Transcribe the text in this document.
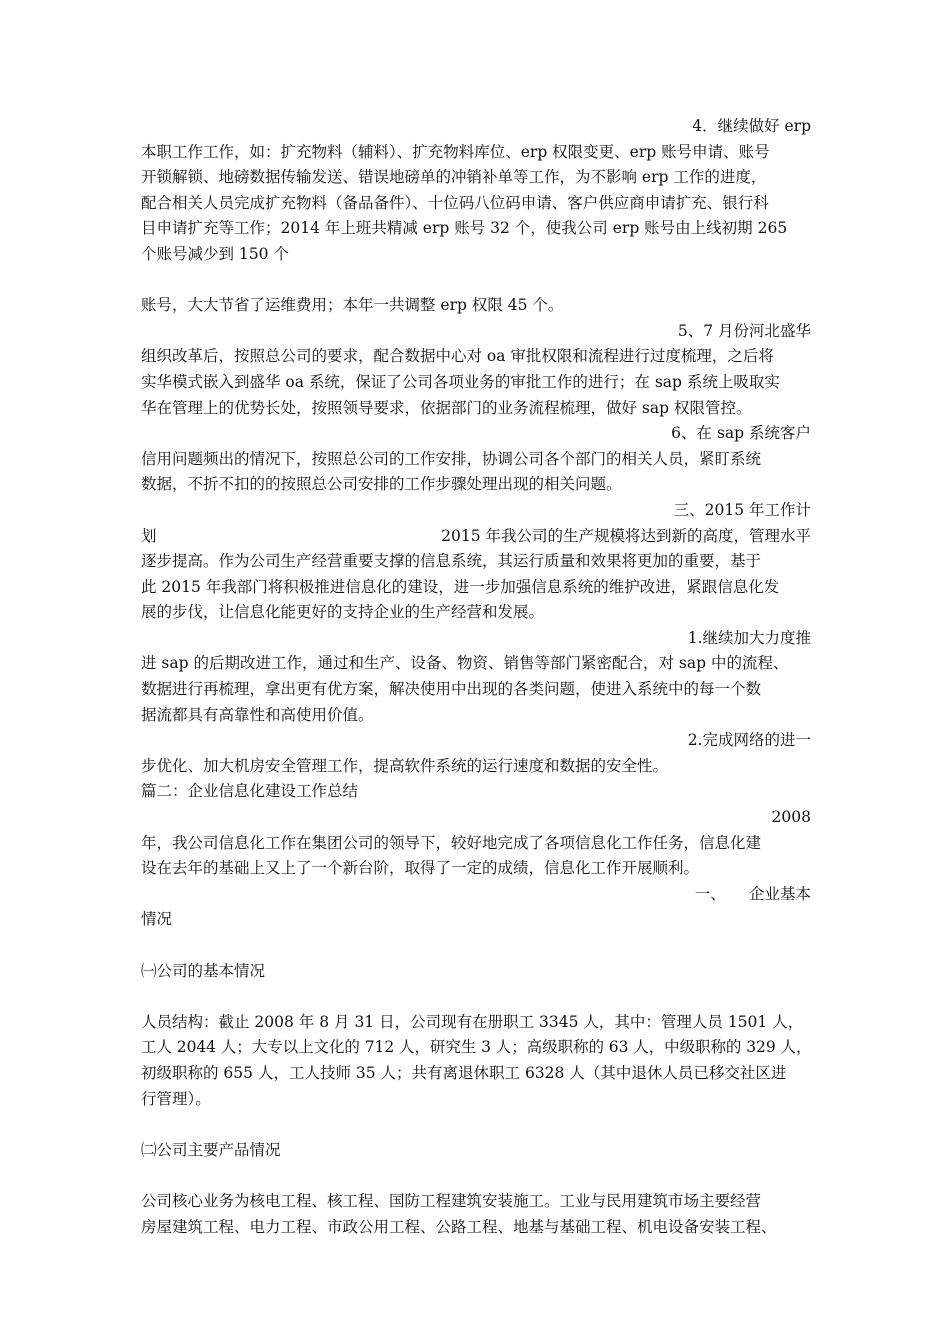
4．继续做好 erp
本职工作工作，如：扩充物料（辅料）、扩充物料库位、erp 权限变更、erp 账号申请、账号
开锁解锁、地磅数据传输发送、错误地磅单的冲销补单等工作，为不影响 erp 工作的进度，
配合相关人员完成扩充物料（备品备件）、十位码八位码申请、客户供应商申请扩充、银行科
目申请扩充等工作；2014 年上班共精减 erp 账号 32 个，使我公司 erp 账号由上线初期 265
个账号减少到 150 个
账号，大大节省了运维费用；本年一共调整 erp 权限 45 个。
5、7 月份河北盛华
组织改革后，按照总公司的要求，配合数据中心对 oa 审批权限和流程进行过度梳理，之后将
实华模式嵌入到盛华 oa 系统，保证了公司各项业务的审批工作的进行；在 sap 系统上吸取实
华在管理上的优势长处，按照领导要求，依据部门的业务流程梳理，做好 sap 权限管控。
6、在 sap 系统客户
信用问题频出的情况下，按照总公司的工作安排，协调公司各个部门的相关人员，紧盯系统
数据，不折不扣的的按照总公司安排的工作步骤处理出现的相关问题。
三、2015 年工作计
划	2015 年我公司的生产规模将达到新的高度，管理水平
逐步提高。作为公司生产经营重要支撑的信息系统，其运行质量和效果将更加的重要，基于
此 2015 年我部门将积极推进信息化的建设，进一步加强信息系统的维护改进，紧跟信息化发
展的步伐，让信息化能更好的支持企业的生产经营和发展。
1.继续加大力度推
进 sap 的后期改进工作，通过和生产、设备、物资、销售等部门紧密配合，对 sap 中的流程、
数据进行再梳理，拿出更有优方案，解决使用中出现的各类问题，使进入系统中的每一个数
据流都具有高靠性和高使用价值。
2.完成网络的进一
步优化、加大机房安全管理工作，提高软件系统的运行速度和数据的安全性。
篇二：企业信息化建设工作总结
2008
年，我公司信息化工作在集团公司的领导下，较好地完成了各项信息化工作任务，信息化建
设在去年的基础上又上了一个新台阶，取得了一定的成绩，信息化工作开展顺利。
一、　　企业基本
情况
㈠公司的基本情况
人员结构：截止 2008 年 8 月 31 日，公司现有在册职工 3345 人，其中：管理人员 1501 人，
工人 2044 人；大专以上文化的 712 人，研究生 3 人；高级职称的 63 人，中级职称的 329 人，
初级职称的 655 人，工人技师 35 人；共有离退休职工 6328 人（其中退休人员已移交社区进
行管理）。
㈡公司主要产品情况
公司核心业务为核电工程、核工程、国防工程建筑安装施工。工业与民用建筑市场主要经营
房屋建筑工程、电力工程、市政公用工程、公路工程、地基与基础工程、机电设备安装工程、
